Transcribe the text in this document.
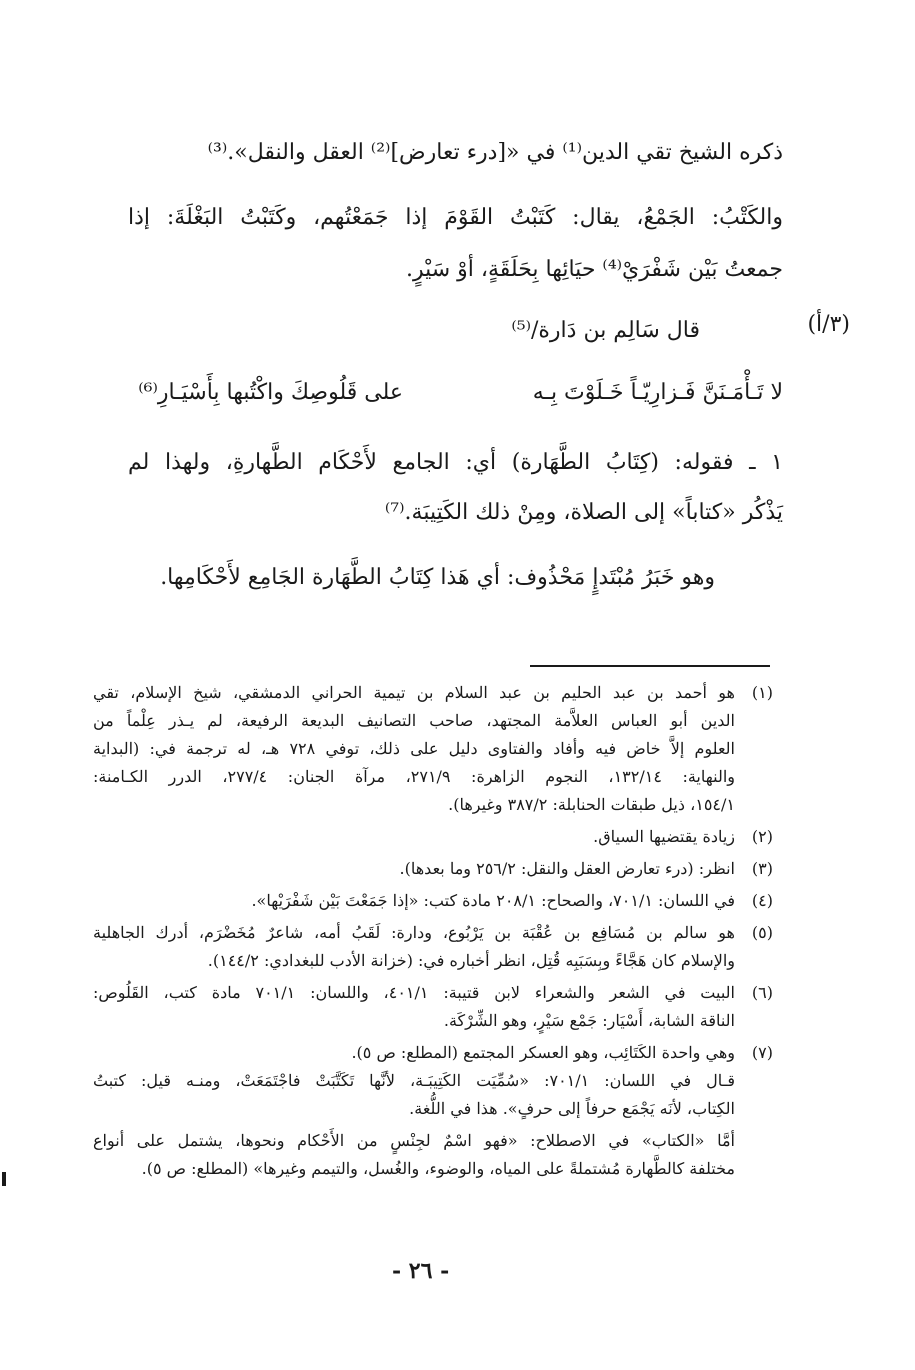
ذكره الشيخ تقي الدين⁽¹⁾ في «[درء تعارض]⁽²⁾ العقل والنقل».⁽³⁾
والكَتْبُ: الجَمْعُ، يقال: كَتَبْتُ القَوْمَ إذا جَمَعْتُهم، وكَتَبْتُ البَغْلَةَ: إذا
جمعتُ بَيْن شَفْرَيْ⁽⁴⁾ حيَائِها بِحَلَقَةٍ، أوْ سَيْرٍ.
قال سَالِم بن دَارة/⁽⁵⁾	(٣/أ)
لا تَـأْمَـنَنَّ فَـزارِيّـاً خَـلَوْتَ بِـه
على قَلُوصِكَ واكْتُبها بِأَسْيَـارِ⁽⁶⁾
١ ـ فقوله: (كِتَابُ الطَّهَارة) أي: الجامع لأَحْكَام الطَّهارةِ، ولهذا لم
يَذْكُر «كتاباً» إلى الصلاة، ومِنْ ذلك الكَتِيبَة.⁽⁷⁾
وهو خَبَرُ مُبْتَدإٍ مَحْذُوف: أي هَذا كِتَابُ الطَّهَارة الجَامِع لأَحْكَامِها.
(١)
هو أحمد بن عبد الحليم بن عبد السلام بن تيمية الحراني الدمشقي، شيخ الإسلام، تقي
الدين أبو العباس العلاَّمة المجتهد، صاحب التصانيف البديعة الرفيعة، لم يـذر عِلْماً من
العلوم إلاَّ خاض فيه وأفاد والفتاوى دليل على ذلك، توفي ٧٢٨ هـ، له ترجمة في: (البداية
والنهاية: ١٣٢/١٤، النجوم الزاهرة: ٢٧١/٩، مرآة الجنان: ٢٧٧/٤، الدرر الكـامنة:
١٥٤/١، ذيل طبقات الحنابلة: ٣٨٧/٢ وغيرها).
(٢)
زيادة يقتضيها السياق.
(٣)
انظر: (درء تعارض العقل والنقل: ٢٥٦/٢ وما بعدها).
(٤)
في اللسان: ٧٠١/١، والصحاح: ٢٠٨/١ مادة كتب: «إذا جَمَعْتَ بَيْن شَفْرَيْها».
(٥)
هو سالم بن مُسَافِع بن عُقْبَة بن يَرْبُوع، ودارة: لَقَبُ أمه، شاعرٌ مُخَضْرَم، أدرك الجاهلية
والإسلام كان هَجَّاءً وبِسَبَبِه قُتِل، انظر أخباره في: (خزانة الأدب للبغدادي: ١٤٤/٢).
(٦)
البيت في الشعر والشعراء لابن قتيبة: ٤٠١/١، واللسان: ٧٠١/١ مادة كتب، القَلُوص:
الناقة الشابة، أَسْيَار: جَمْع سَيْرٍ، وهو الشِّرْكَة.
(٧)
وهي واحدة الكَتَائِب، وهو العسكر المجتمع (المطلع: ص ٥).
قـال في اللسان: ٧٠١/١: «سُمِّيَت الكَتِيبَـة، لأنَّها تَكَتَّبَتْ فاجْتَمَعَتْ، ومنـه قيل: كتبتُ
الكِتاب، لأنَه يَجْمَع حرفاً إلى حرفٍ». هذا في اللُّغة.
أمَّا «الكتاب» في الاصطلاح: «فهو اسْمٌ لجِنْسٍ من الأَحْكام ونحوها، يشتمل على أنواع
مختلفة كالطَّهارة مُشتملةً على المياه، والوضوء، والغُسل، والتيمم وغيرها» (المطلع: ص ٥).
- ٢٦ -
